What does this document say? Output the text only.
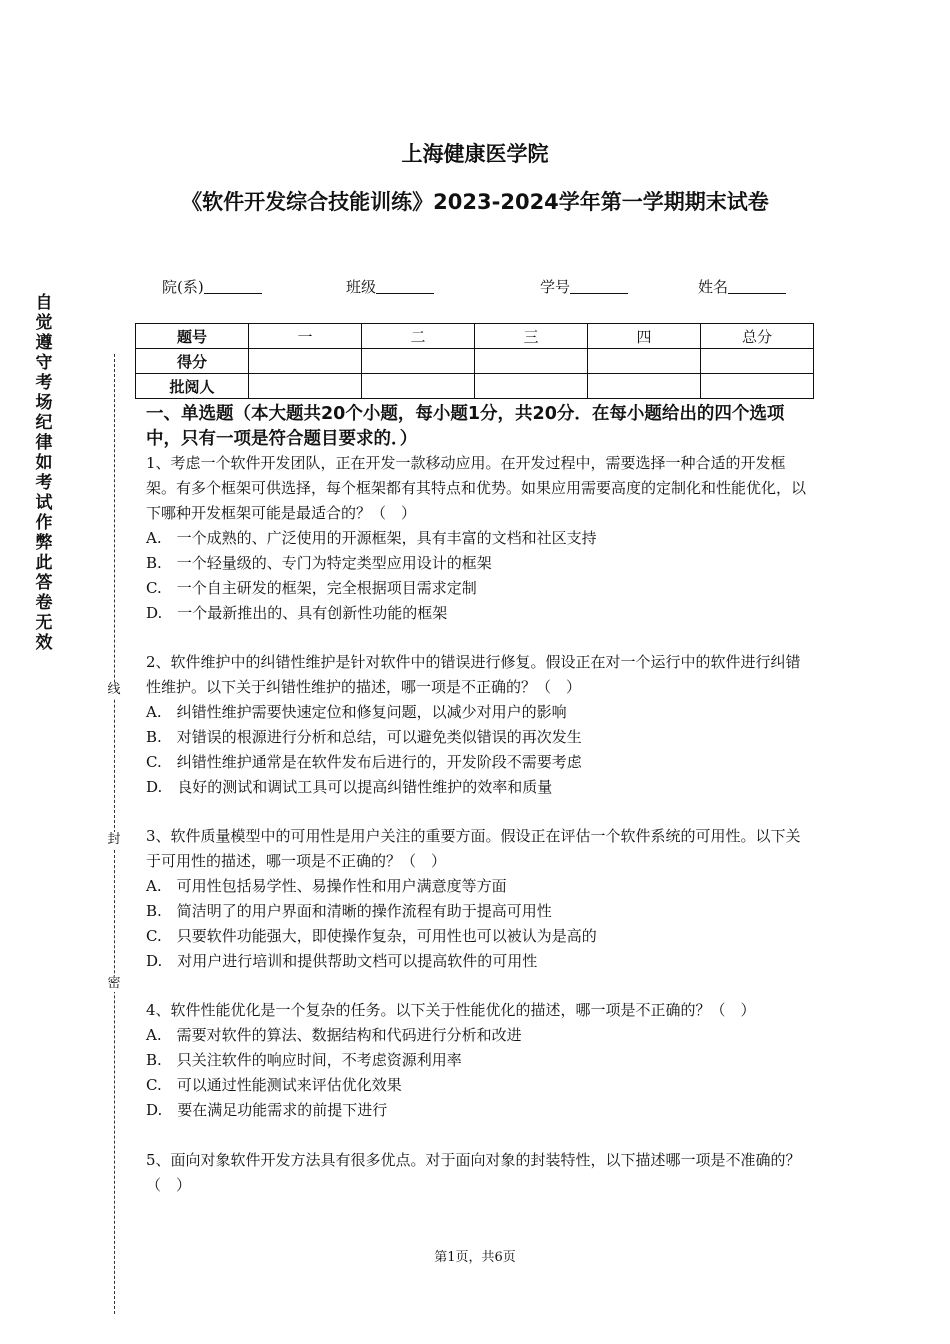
上海健康医学院
《软件开发综合技能训练》2023-2024学年第一学期期末试卷
院(系)	班级	学号	姓名
自
觉
遵
守
考
场
纪
律
如
考
试
作
弊
此
答
卷
无
效
线
封
密
题号	一	二	三	四	总分
得分					
批阅人					
一、单选题（本大题共20个小题，每小题1分，共20分．在每小题给出的四个选项中，只有一项是符合题目要求的．）
1、考虑一个软件开发团队，正在开发一款移动应用。在开发过程中，需要选择一种合适的开发框架。有多个框架可供选择，每个框架都有其特点和优势。如果应用需要高度的定制化和性能优化，以下哪种开发框架可能是最适合的？（　）
A.　一个成熟的、广泛使用的开源框架，具有丰富的文档和社区支持
B.　一个轻量级的、专门为特定类型应用设计的框架
C.　一个自主研发的框架，完全根据项目需求定制
D.　一个最新推出的、具有创新性功能的框架
2、软件维护中的纠错性维护是针对软件中的错误进行修复。假设正在对一个运行中的软件进行纠错性维护。以下关于纠错性维护的描述，哪一项是不正确的？（　）
A.　纠错性维护需要快速定位和修复问题，以减少对用户的影响
B.　对错误的根源进行分析和总结，可以避免类似错误的再次发生
C.　纠错性维护通常是在软件发布后进行的，开发阶段不需要考虑
D.　良好的测试和调试工具可以提高纠错性维护的效率和质量
3、软件质量模型中的可用性是用户关注的重要方面。假设正在评估一个软件系统的可用性。以下关于可用性的描述，哪一项是不正确的？（　）
A.　可用性包括易学性、易操作性和用户满意度等方面
B.　简洁明了的用户界面和清晰的操作流程有助于提高可用性
C.　只要软件功能强大，即使操作复杂，可用性也可以被认为是高的
D.　对用户进行培训和提供帮助文档可以提高软件的可用性
4、软件性能优化是一个复杂的任务。以下关于性能优化的描述，哪一项是不正确的？（　）
A.　需要对软件的算法、数据结构和代码进行分析和改进
B.　只关注软件的响应时间，不考虑资源利用率
C.　可以通过性能测试来评估优化效果
D.　要在满足功能需求的前提下进行
5、面向对象软件开发方法具有很多优点。对于面向对象的封装特性，以下描述哪一项是不准确的？（　）
第1页，共6页
